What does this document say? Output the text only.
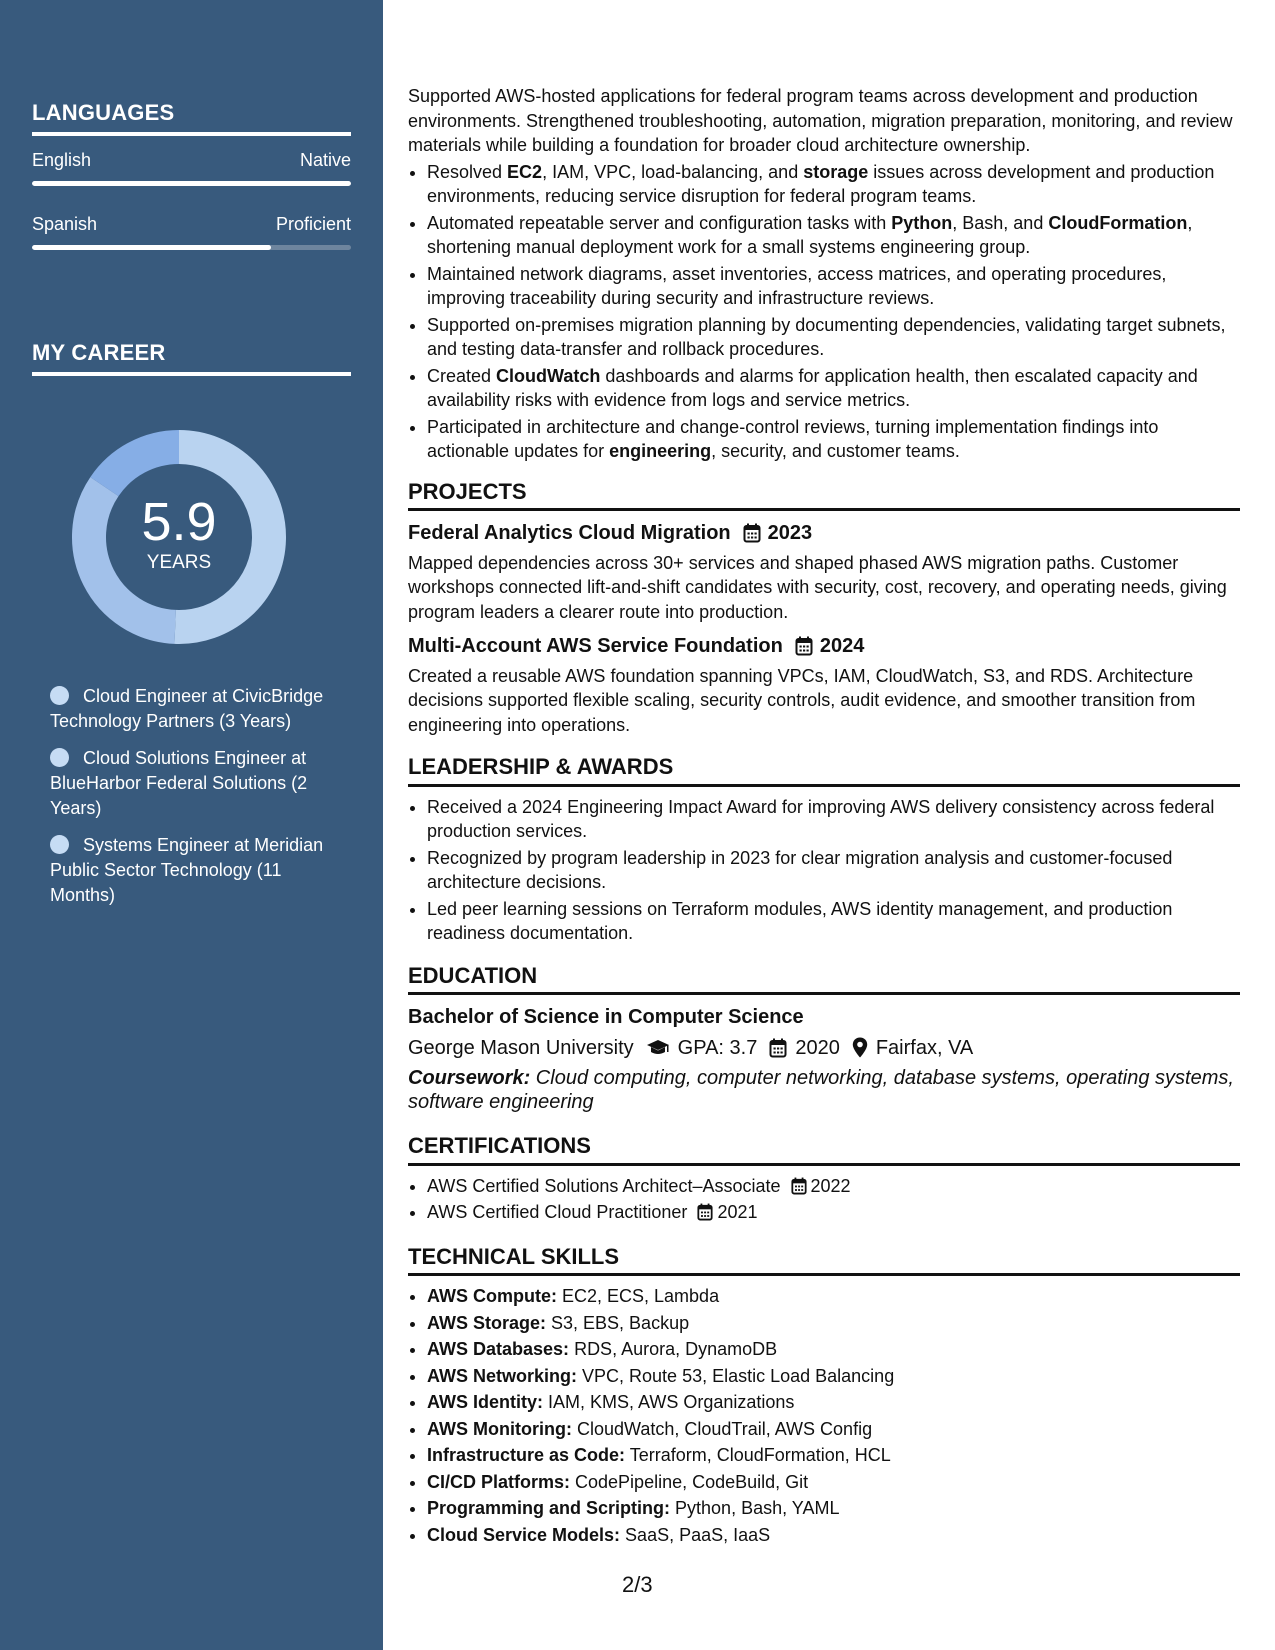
LANGUAGES
English	Native
Spanish	Proficient
MY CAREER
5.9
YEARS
Cloud Engineer at CivicBridge Technology Partners (3 Years)
Cloud Solutions Engineer at BlueHarbor Federal Solutions (2 Years)
Systems Engineer at Meridian Public Sector Technology (11 Months)

Supported AWS-hosted applications for federal program teams across development and production environments. Strengthened troubleshooting, automation, migration preparation, monitoring, and review materials while building a foundation for broader cloud architecture ownership.

• Resolved EC2, IAM, VPC, load-balancing, and storage issues across development and production environments, reducing service disruption for federal program teams.
• Automated repeatable server and configuration tasks with Python, Bash, and CloudFormation, shortening manual deployment work for a small systems engineering group.
• Maintained network diagrams, asset inventories, access matrices, and operating procedures, improving traceability during security and infrastructure reviews.
• Supported on-premises migration planning by documenting dependencies, validating target subnets, and testing data-transfer and rollback procedures.
• Created CloudWatch dashboards and alarms for application health, then escalated capacity and availability risks with evidence from logs and service metrics.
• Participated in architecture and change-control reviews, turning implementation findings into actionable updates for engineering, security, and customer teams.
PROJECTS
Federal Analytics Cloud Migration 2023
Mapped dependencies across 30+ services and shaped phased AWS migration paths. Customer workshops connected lift-and-shift candidates with security, cost, recovery, and operating needs, giving program leaders a clearer route into production.
Multi-Account AWS Service Foundation 2024
Created a reusable AWS foundation spanning VPCs, IAM, CloudWatch, S3, and RDS. Architecture decisions supported flexible scaling, security controls, audit evidence, and smoother transition from engineering into operations.
LEADERSHIP & AWARDS
• Received a 2024 Engineering Impact Award for improving AWS delivery consistency across federal production services.
• Recognized by program leadership in 2023 for clear migration analysis and customer-focused architecture decisions.
• Led peer learning sessions on Terraform modules, AWS identity management, and production readiness documentation.
EDUCATION
Bachelor of Science in Computer Science
George Mason University GPA: 3.7 2020 Fairfax, VA
Coursework: Cloud computing, computer networking, database systems, operating systems, software engineering
CERTIFICATIONS
• AWS Certified Solutions Architect–Associate 2022
• AWS Certified Cloud Practitioner 2021
TECHNICAL SKILLS
• AWS Compute: EC2, ECS, Lambda
• AWS Storage: S3, EBS, Backup
• AWS Databases: RDS, Aurora, DynamoDB
• AWS Networking: VPC, Route 53, Elastic Load Balancing
• AWS Identity: IAM, KMS, AWS Organizations
• AWS Monitoring: CloudWatch, CloudTrail, AWS Config
• Infrastructure as Code: Terraform, CloudFormation, HCL
• CI/CD Platforms: CodePipeline, CodeBuild, Git
• Programming and Scripting: Python, Bash, YAML
• Cloud Service Models: SaaS, PaaS, IaaS
2/3
